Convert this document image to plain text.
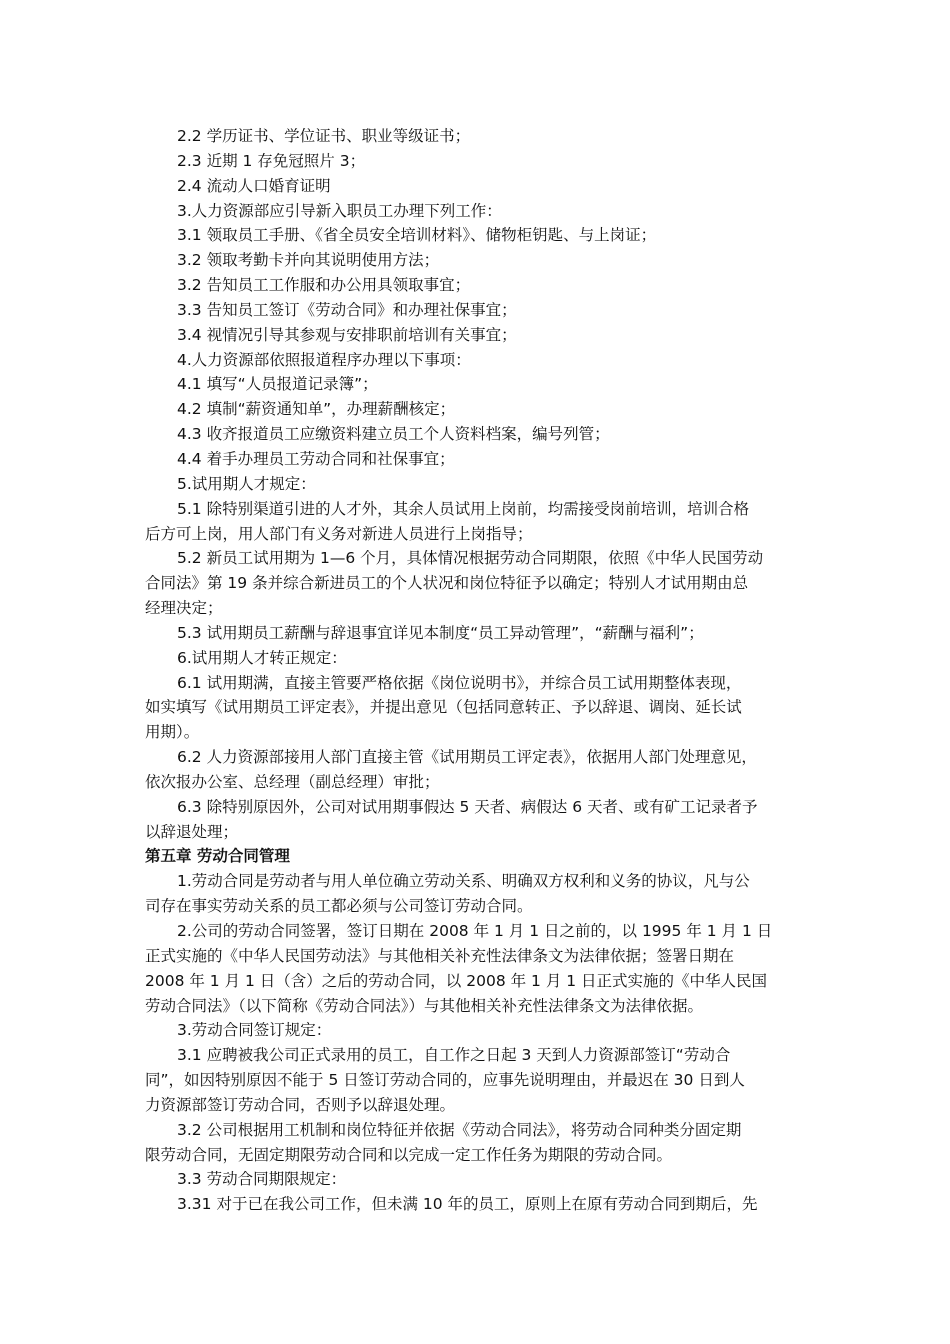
2.2 学历证书、学位证书、职业等级证书；
2.3 近期 1 存免冠照片 3；
2.4 流动人口婚育证明
3.人力资源部应引导新入职员工办理下列工作：
3.1 领取员工手册、《省全员安全培训材料》、储物柜钥匙、与上岗证；
3.2 领取考勤卡并向其说明使用方法；
3.2 告知员工工作服和办公用具领取事宜；
3.3 告知员工签订《劳动合同》和办理社保事宜；
3.4 视情况引导其参观与安排职前培训有关事宜；
4.人力资源部依照报道程序办理以下事项：
4.1 填写“人员报道记录簿”；
4.2 填制“薪资通知单”，办理薪酬核定；
4.3 收齐报道员工应缴资料建立员工个人资料档案，编号列管；
4.4 着手办理员工劳动合同和社保事宜；
5.试用期人才规定：
5.1 除特别渠道引进的人才外，其余人员试用上岗前，均需接受岗前培训，培训合格
后方可上岗，用人部门有义务对新进人员进行上岗指导；
5.2 新员工试用期为 1—6 个月，具体情况根据劳动合同期限，依照《中华人民国劳动
合同法》第 19 条并综合新进员工的个人状况和岗位特征予以确定；特别人才试用期由总
经理决定；
5.3 试用期员工薪酬与辞退事宜详见本制度“员工异动管理”，“薪酬与福利”；
6.试用期人才转正规定：
6.1 试用期满，直接主管要严格依据《岗位说明书》，并综合员工试用期整体表现，
如实填写《试用期员工评定表》，并提出意见（包括同意转正、予以辞退、调岗、延长试
用期）。
6.2 人力资源部接用人部门直接主管《试用期员工评定表》，依据用人部门处理意见，
依次报办公室、总经理（副总经理）审批；
6.3 除特别原因外，公司对试用期事假达 5 天者、病假达 6 天者、或有矿工记录者予
以辞退处理；
第五章 劳动合同管理
1.劳动合同是劳动者与用人单位确立劳动关系、明确双方权利和义务的协议，凡与公
司存在事实劳动关系的员工都必须与公司签订劳动合同。
2.公司的劳动合同签署，签订日期在 2008 年 1 月 1 日之前的，以 1995 年 1 月 1 日
正式实施的《中华人民国劳动法》与其他相关补充性法律条文为法律依据；签署日期在
2008 年 1 月 1 日（含）之后的劳动合同，以 2008 年 1 月 1 日正式实施的《中华人民国
劳动合同法》（以下简称《劳动合同法》）与其他相关补充性法律条文为法律依据。
3.劳动合同签订规定：
3.1 应聘被我公司正式录用的员工，自工作之日起 3 天到人力资源部签订“劳动合
同”，如因特别原因不能于 5 日签订劳动合同的，应事先说明理由，并最迟在 30 日到人
力资源部签订劳动合同，否则予以辞退处理。
3.2 公司根据用工机制和岗位特征并依据《劳动合同法》，将劳动合同种类分固定期
限劳动合同，无固定期限劳动合同和以完成一定工作任务为期限的劳动合同。
3.3 劳动合同期限规定：
3.31 对于已在我公司工作，但未满 10 年的员工，原则上在原有劳动合同到期后，先
